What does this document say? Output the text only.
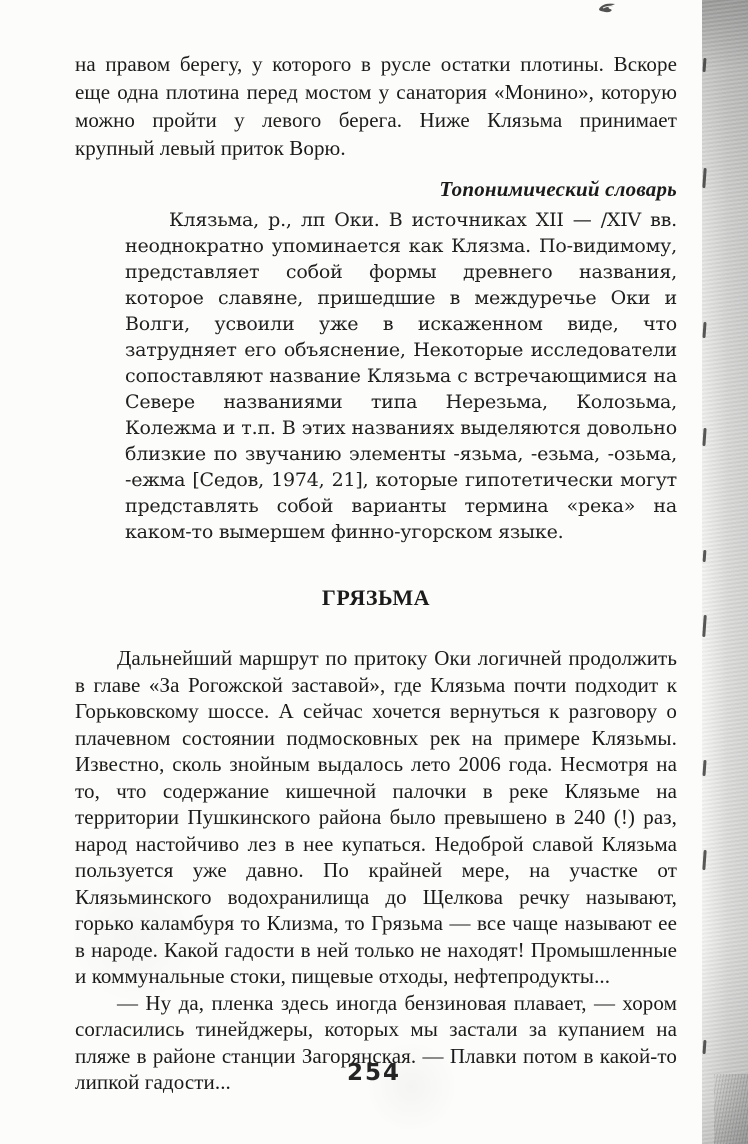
на правом берегу, у которого в русле остатки плотины. Вскоре еще одна плотина перед мостом у санатория «Монино», которую можно пройти у левого берега. Ниже Клязьма принимает крупный левый приток Ворю.

Топонимический словарь

Клязьма, р., лп Оки. В источниках XII — /XIV вв. неоднократно упоминается как Клязма. По-видимому, представляет собой формы древнего названия, которое славяне, пришедшие в междуречье Оки и Волги, усвоили уже в искаженном виде, что затрудняет его объяснение, Некоторые исследователи сопоставляют название Клязьма с встречающимися на Севере названиями типа Нерезьма, Колозьма, Колежма и т.п. В этих названиях выделяются довольно близкие по звучанию элементы -язьма, -езьма, -озьма, -ежма [Седов, 1974, 21], которые гипотетически могут представлять собой варианты термина «река» на каком-то вымершем финно-угорском языке.

ГРЯЗЬМА

Дальнейший маршрут по притоку Оки логичней продолжить в главе «За Рогожской заставой», где Клязьма почти подходит к Горьковскому шоссе. А сейчас хочется вернуться к разговору о плачевном состоянии подмосковных рек на примере Клязьмы. Известно, сколь знойным выдалось лето 2006 года. Несмотря на то, что содержание кишечной палочки в реке Клязьме на территории Пушкинского района было превышено в 240 (!) раз, народ настойчиво лез в нее купаться. Недоброй славой Клязьма пользуется уже давно. По крайней мере, на участке от Клязьминского водохранилища до Щелкова речку называют, горько каламбуря то Клизма, то Грязьма — все чаще называют ее в народе. Какой гадости в ней только не находят! Промышленные и коммунальные стоки, пищевые отходы, нефтепродукты...

— Ну да, пленка здесь иногда бензиновая плавает, — хором согласились тинейджеры, которых мы застали за купанием на пляже в районе станции Загорянская. — Плавки потом в какой-то липкой гадости...	254
